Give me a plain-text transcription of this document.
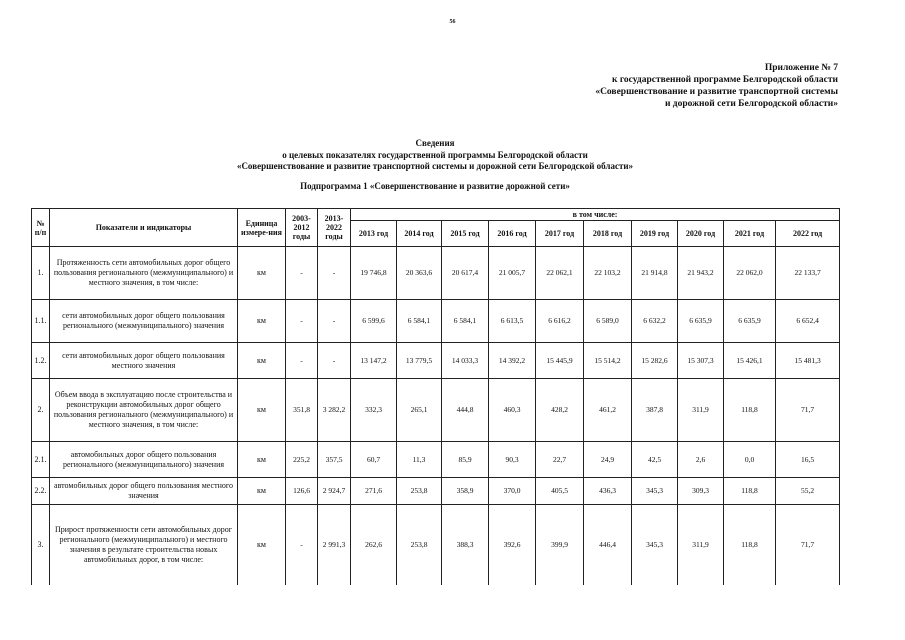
56
Приложение № 7
к государственной программе Белгородской области
«Совершенствование и развитие транспортной системы
и дорожной сети Белгородской области»
Сведения
о целевых показателях государственной программы Белгородской области
«Совершенствование и развитие транспортной системы и дорожной сети Белгородской области»
Подпрограмма 1 «Совершенствование и развитие дорожной сети»
№ п/п	Показатели и индикаторы	Единица измере-ния	2003-2012 годы	2013-2022 годы	в том числе:									
					2013 год	2014 год	2015 год	2016 год	2017 год	2018 год	2019 год	2020 год	2021 год	2022 год
1.	Протяженность сети автомобильных дорог общего пользования регионального (межмуниципального) и местного значения, в том числе:	км	-	-	19 746,8	20 363,6	20 617,4	21 005,7	22 062,1	22 103,2	21 914,8	21 943,2	22 062,0	22 133,7
1.1.	сети автомобильных дорог общего пользования регионального (межмуниципального) значения	км	-	-	6 599,6	6 584,1	6 584,1	6 613,5	6 616,2	6 589,0	6 632,2	6 635,9	6 635,9	6 652,4
1.2.	сети автомобильных дорог общего пользования местного значения	км	-	-	13 147,2	13 779,5	14 033,3	14 392,2	15 445,9	15 514,2	15 282,6	15 307,3	15 426,1	15 481,3
2.	Объем ввода в эксплуатацию после строительства и реконструкции автомобильных дорог общего пользования регионального (межмуниципального) и местного значения, в том числе:	км	351,8	3 282,2	332,3	265,1	444,8	460,3	428,2	461,2	387,8	311,9	118,8	71,7
2.1.	автомобильных дорог общего пользования регионального (межмуниципального) значения	км	225,2	357,5	60,7	11,3	85,9	90,3	22,7	24,9	42,5	2,6	0,0	16,5
2.2.	автомобильных дорог общего пользования местного значения	км	126,6	2 924,7	271,6	253,8	358,9	370,0	405,5	436,3	345,3	309,3	118,8	55,2
3.	Прирост протяженности сети автомобильных дорог регионального (межмуниципального) и местного значения в результате строительства новых автомобильных дорог, в том числе:	км	-	2 991,3	262,6	253,8	388,3	392,6	399,9	446,4	345,3	311,9	118,8	71,7
